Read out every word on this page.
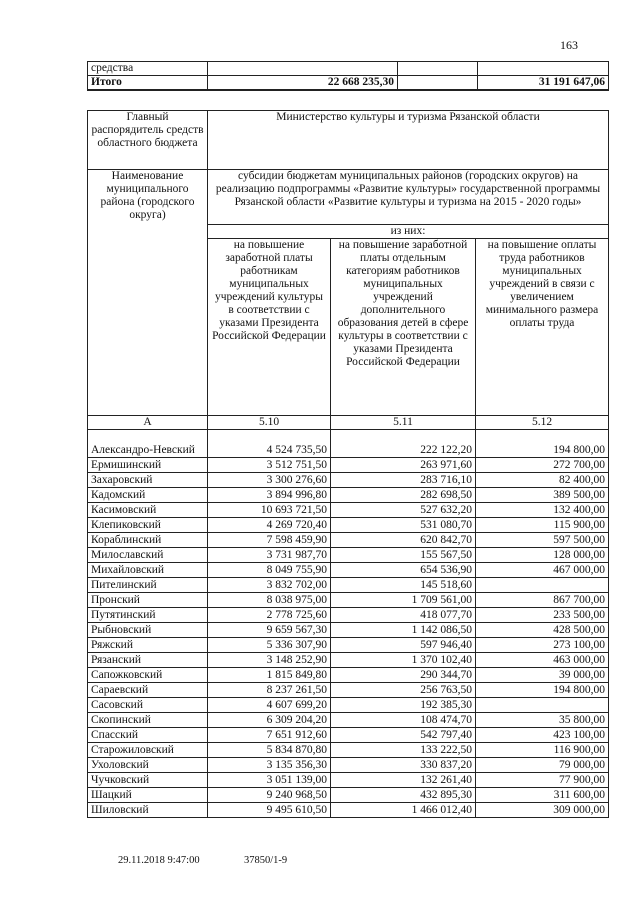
163
средства			
Итого	22 668 235,30		31 191 647,06
Главный распорядитель средств областного бюджета	Министерство культуры и туризма Рязанской области		
Наименование муниципального района (городского округа)	субсидии бюджетам муниципальных районов (городских округов) на реализацию подпрограммы «Развитие культуры» государственной программы Рязанской области «Развитие культуры и туризма на 2015 - 2020 годы»		
	из них:		
	на повышение заработной платы работникам муниципальных учреждений культуры в соответствии с указами Президента Российской Федерации	на повышение заработной платы отдельным категориям работников муниципальных учреждений дополнительного образования детей в сфере культуры в соответствии с указами Президента Российской Федерации	на повышение оплаты труда работников муниципальных учреждений в связи с увеличением минимального размера оплаты труда
А	5.10	5.11	5.12
Александро-Невский	4 524 735,50	222 122,20	194 800,00
Ермишинский	3 512 751,50	263 971,60	272 700,00
Захаровский	3 300 276,60	283 716,10	82 400,00
Кадомский	3 894 996,80	282 698,50	389 500,00
Касимовский	10 693 721,50	527 632,20	132 400,00
Клепиковский	4 269 720,40	531 080,70	115 900,00
Кораблинский	7 598 459,90	620 842,70	597 500,00
Милославский	3 731 987,70	155 567,50	128 000,00
Михайловский	8 049 755,90	654 536,90	467 000,00
Пителинский	3 832 702,00	145 518,60	
Пронский	8 038 975,00	1 709 561,00	867 700,00
Путятинский	2 778 725,60	418 077,70	233 500,00
Рыбновский	9 659 567,30	1 142 086,50	428 500,00
Ряжский	5 336 307,90	597 946,40	273 100,00
Рязанский	3 148 252,90	1 370 102,40	463 000,00
Сапожковский	1 815 849,80	290 344,70	39 000,00
Сараевский	8 237 261,50	256 763,50	194 800,00
Сасовский	4 607 699,20	192 385,30	
Скопинский	6 309 204,20	108 474,70	35 800,00
Спасский	7 651 912,60	542 797,40	423 100,00
Старожиловский	5 834 870,80	133 222,50	116 900,00
Ухоловский	3 135 356,30	330 837,20	79 000,00
Чучковский	3 051 139,00	132 261,40	77 900,00
Шацкий	9 240 968,50	432 895,30	311 600,00
Шиловский	9 495 610,50	1 466 012,40	309 000,00
29.11.2018 9:47:00	37850/1-9
